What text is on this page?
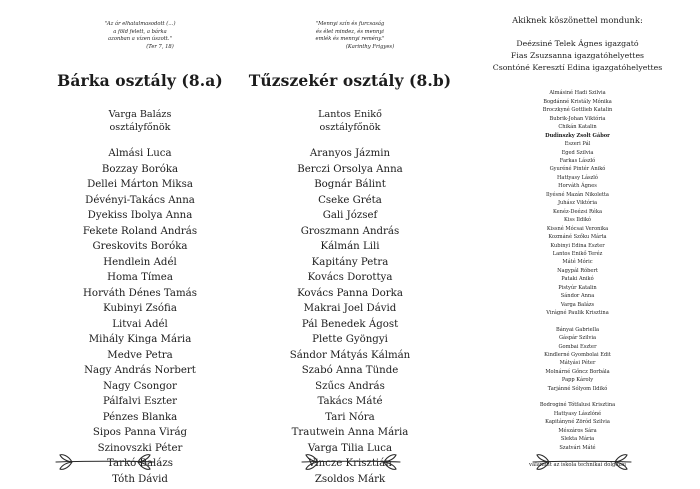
"Az ár elhatalmasodott (…)

a föld felett, a bárka

azonban a vízen úszott."

(Ter 7, 18)

Bárka osztály (8.a)

Varga Balázs

osztályfőnök

Almási Luca
Bozzay Boróka
Dellei Márton Miksa
Dévényi-Takács Anna
Dyekiss Ibolya Anna
Fekete Roland András
Greskovits Boróka
Hendlein Adél
Homa Tímea
Horváth Dénes Tamás
Kubinyi Zsófia
Litvai Adél
Mihály Kinga Mária
Medve Petra
Nagy András Norbert
Nagy Csongor
Pálfalvi Eszter
Pénzes Blanka
Sipos Panna Virág
Szinovszki Péter
Tarkó Balázs
Tóth Dávid

"Mennyi szín és furcsaság

és élet mindez, és mennyi

emlék és mennyi remény."

(Karinthy Frigyes)

Tűzszekér osztály (8.b)

Lantos Enikő

osztályfőnök

Aranyos Jázmin
Berczi Orsolya Anna
Bognár Bálint
Cseke Gréta
Gali József
Groszmann András
Kálmán Lili
Kapitány Petra
Kovács Dorottya
Kovács Panna Dorka
Makrai Joel Dávid
Pál Benedek Ágost
Plette Gyöngyi
Sándor Mátyás Kálmán
Szabó Anna Tünde
Szűcs András
Takács Máté
Tari Nóra
Trautwein Anna Mária
Varga Tilia Luca
Vincze Krisztián
Zsoldos Márk

Akiknek köszönettel mondunk:

Deézsiné Telek Ágnes igazgató
Fias Zsuzsanna igazgatóhelyettes
Csontóné Keresztí Edina igazgatóhelyettes
Almásiné Hadi Szilvia
Bogdánné Kristály Mónika
Broczkyné Gottlieb Katalin
Bubrik-Johan Viktória
Chikán Katalin
Dudinszky Zsolt Gábor
Eszeri Pál
Eged Szilvia
Farkas László
Gyuréné Pintér Anikó
Hattyasy László
Horváth Ágnes
Ilyésné Mazán Nikoletta
Juhász Viktória
Kenéz-Deézsi Réka
Kiss Ildikó
Kissné Mócsai Veronika
Kozmáné Szőku Márta
Kubinyi Edina Eszter
Lantos Enikő Teréz
Máté Móric
Nagypál Róbert
Pataki Anikó
Pistyúr Katalin
Sándor Anna
Varga Balázs
Virágné Paulik Krisztina
Bányai Gabriella
Gáspár Szilvia
Gombai Eszter
Kindlerné Gyombolai Edit
Mátyási Péter
Molnárné Gőncz Borbála
Papp Károly
Tarjánné Sólyom Ildikó
Bodroginé Tótfalusi Krisztina
Hattyasy Lászlóné
Kapitányné Zöród Szilvia
Mészáros Sára
Slekta Mária
Szatvári Máté

valamint az iskola technikai dolgozói
